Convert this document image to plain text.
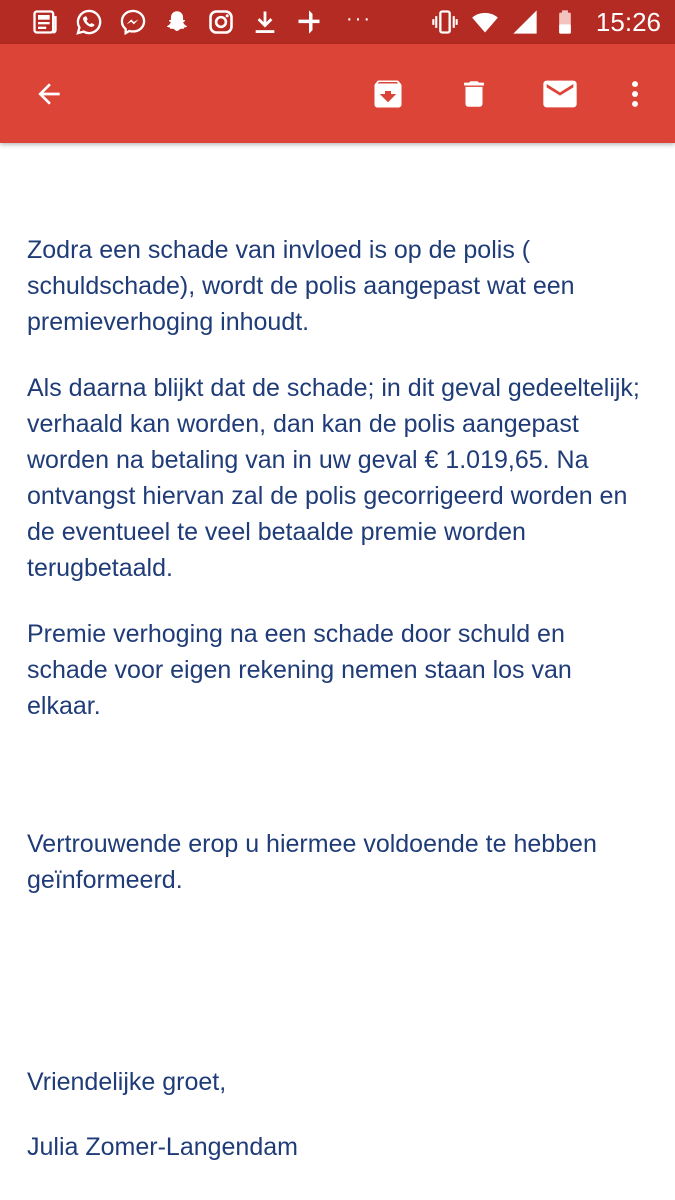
···	15:26

Zodra een schade van invloed is op de polis ( schuldschade), wordt de polis aangepast wat een premieverhoging inhoudt.

Als daarna blijkt dat de schade; in dit geval gedeeltelijk; verhaald kan worden, dan kan de polis aangepast worden na betaling van in uw geval € 1.019,65. Na ontvangst hiervan zal de polis gecorrigeerd worden en de eventueel te veel betaalde premie worden terugbetaald.

Premie verhoging na een schade door schuld en schade voor eigen rekening nemen staan los van elkaar.

Vertrouwende erop u hiermee voldoende te hebben geïnformeerd.

Vriendelijke groet,

Julia Zomer-Langendam
